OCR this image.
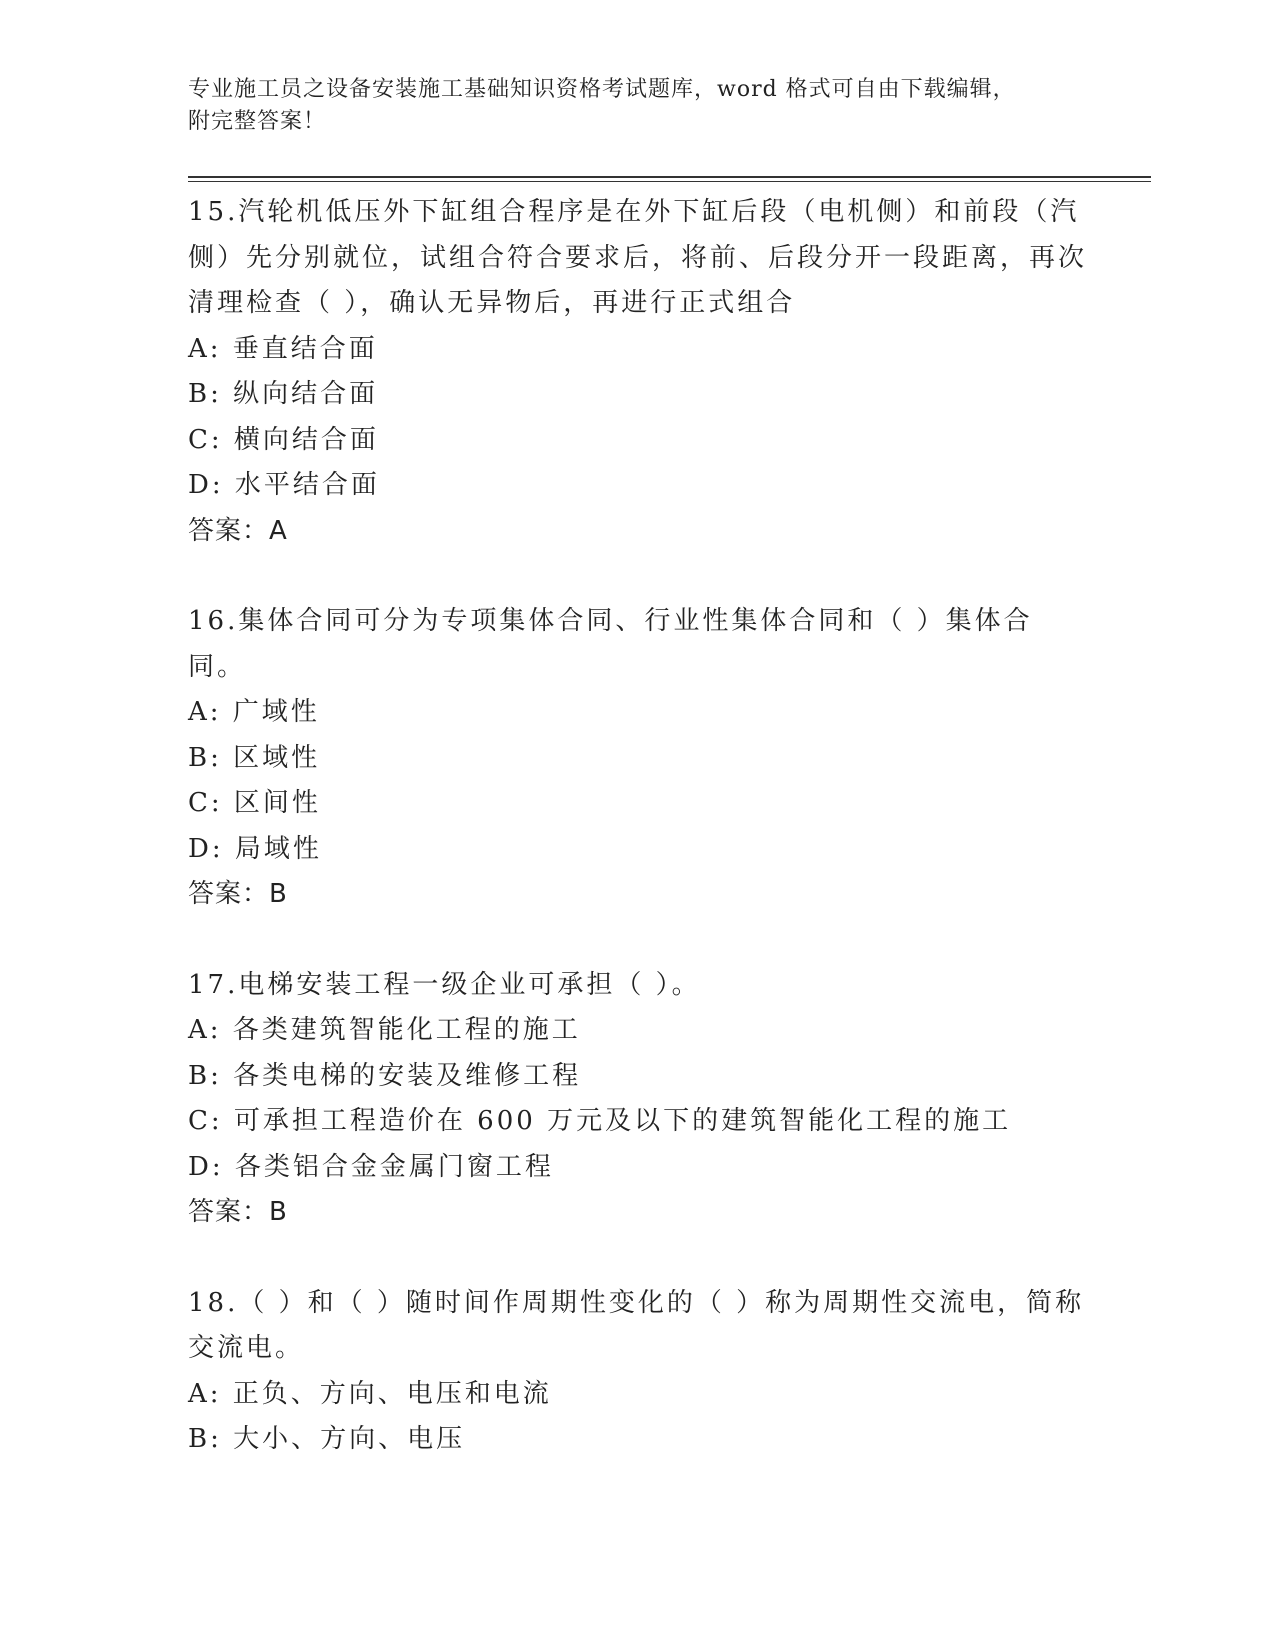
专业施工员之设备安装施工基础知识资格考试题库，word 格式可自由下载编辑，
附完整答案！
15.汽轮机低压外下缸组合程序是在外下缸后段（电机侧）和前段（汽侧）先分别就位，试组合符合要求后，将前、后段分开一段距离，再次清理检查（ ），确认无异物后，再进行正式组合
A: 垂直结合面
B: 纵向结合面
C: 横向结合面
D: 水平结合面
答案：A
16.集体合同可分为专项集体合同、行业性集体合同和（ ）集体合同。
A: 广域性
B: 区域性
C: 区间性
D: 局域性
答案：B
17.电梯安装工程一级企业可承担（ ）。
A: 各类建筑智能化工程的施工
B: 各类电梯的安装及维修工程
C: 可承担工程造价在 600 万元及以下的建筑智能化工程的施工
D: 各类铝合金金属门窗工程
答案：B
18.（ ）和（ ）随时间作周期性变化的（ ）称为周期性交流电，简称交流电。
A: 正负、方向、电压和电流
B: 大小、方向、电压
